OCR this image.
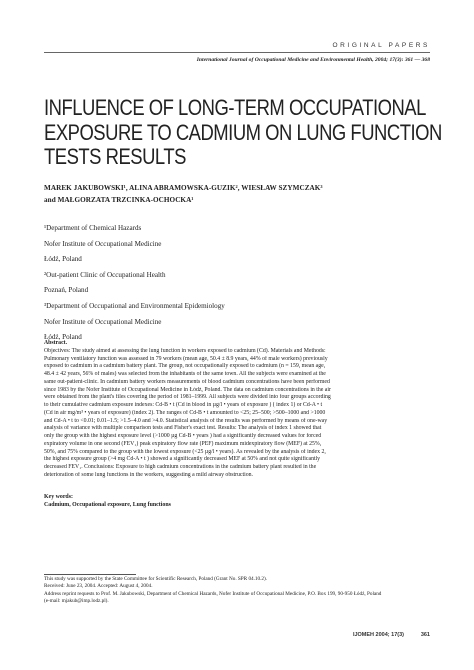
ORIGINAL PAPERS
International Journal of Occupational Medicine and Environmental Health, 2004; 17(3): 361 — 368
INFLUENCE OF LONG-TERM OCCUPATIONAL
EXPOSURE TO CADMIUM ON LUNG FUNCTION
TESTS RESULTS
MAREK JAKUBOWSKI¹, ALINA ABRAMOWSKA-GUZIK², WIESŁAW SZYMCZAK³
and MAŁGORZATA TRZCINKA-OCHOCKA¹
¹Department of Chemical Hazards
Nofer Institute of Occupational Medicine
Łódź, Poland
²Out-patient Clinic of Occupational Health
Poznań, Poland
³Department of Occupational and Environmental Epidemiology
Nofer Institute of Occupational Medicine
Łódź, Poland
Abstract.
Objectives: The study aimed at assessing the lung function in workers exposed to cadmium (Cd). Materials and Methods:
Pulmonary ventilatory function was assessed in 79 workers (mean age, 50.4 ± 8.9 years, 44% of male workers) previously
exposed to cadmium in a cadmium battery plant. The group, not occupationally exposed to cadmium (n = 159, mean age,
48.4 ± 42 years, 56% of males) was selected from the inhabitants of the same town. All the subjects were examined at the
same out-patient-clinic. In cadmium battery workers measurements of blood cadmium concentrations have been performed
since 1983 by the Nofer Institute of Occupational Medicine in Łódź, Poland. The data on cadmium concentrations in the air
were obtained from the plant's files covering the period of 1981–1999. All subjects were divided into four groups according
to their cumulative cadmium exposure indexes: Cd-B • t (Cd in blood in µg/l • years of exposure ) ( index 1) or Cd-A • t
(Cd in air mg/m³ • years of exposure) (index 2). The ranges of Cd-B • t amounted to <25; 25–500; >500–1000 and >1000
and Cd-A • t to <0.01; 0.01–1.5; >1.5–4.0 and >4.0. Statistical analysis of the results was performed by means of one-way
analysis of variance with multiple comparison tests and Fisher's exact test. Results: The analysis of index 1 showed that
only the group with the highest exposure level (>1000 µg Cd-B • years ) had a significantly decreased values for forced
expiratory volume in one second (FEV₁) peak expiratory flow rate (PEF) maximum midexpiratory flow (MEF) at 25%,
50%, and 75% compared to the group with the lowest exposure (<25 µg/l • years). As revealed by the analysis of index 2,
the highest exposure group (>4 mg Cd-A • t ) showed a significantly decreased MEF at 50% and not quite significantly
decreased FEV₁. Conclusions: Exposure to high cadmium concentrations in the cadmium battery plant resulted in the
deterioration of some lung functions in the workers, suggesting a mild airway obstruction.
Key words:
Cadmium, Occupational exposure, Lung functions
This study was supported by the State Committee for Scientific Research, Poland (Grant No. SPR 04.10.2).
Received: June 23, 2004. Accepted: August 4, 2004.
Address reprint requests to Prof. M. Jakubowski, Department of Chemical Hazards, Nofer Institute of Occupational Medicine, P.O. Box 199, 90-950 Łódź, Poland
(e-mail: mjakub@imp.lodz.pl).
IJOMEH 2004; 17(3)	361
